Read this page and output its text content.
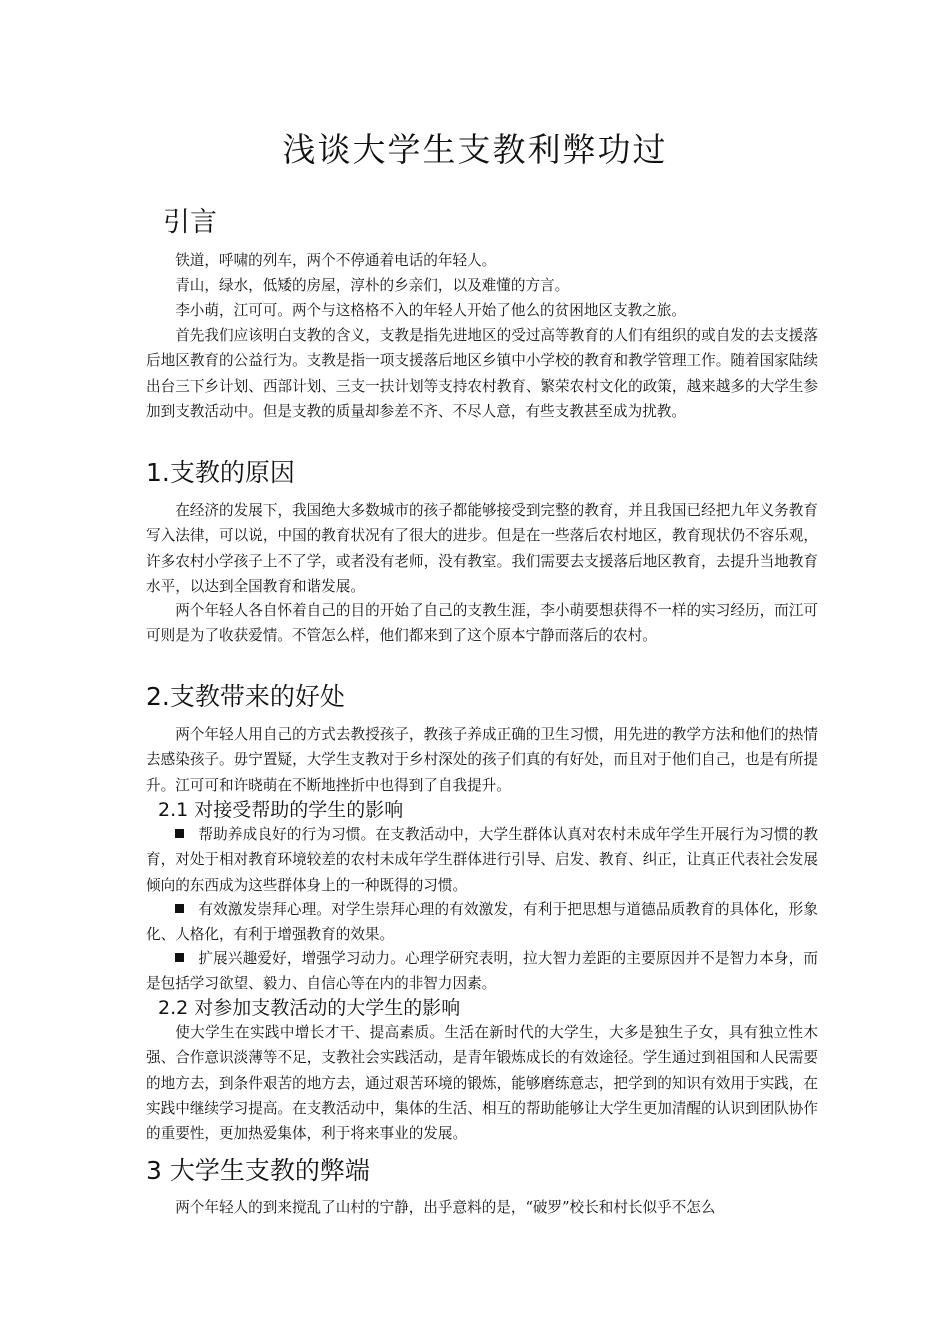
浅谈大学生支教利弊功过
引言

铁道，呼啸的列车，两个不停通着电话的年轻人。

青山，绿水，低矮的房屋，淳朴的乡亲们，以及难懂的方言。

李小萌，江可可。两个与这格格不入的年轻人开始了他么的贫困地区支教之旅。

首先我们应该明白支教的含义，支教是指先进地区的受过高等教育的人们有组织的或自发的去支援落后地区教育的公益行为。支教是指一项支援落后地区乡镇中小学校的教育和教学管理工作。随着国家陆续出台三下乡计划、西部计划、三支一扶计划等支持农村教育、繁荣农村文化的政策，越来越多的大学生参加到支教活动中。但是支教的质量却参差不齐、不尽人意，有些支教甚至成为扰教。

1.支教的原因

在经济的发展下，我国绝大多数城市的孩子都能够接受到完整的教育，并且我国已经把九年义务教育写入法律，可以说，中国的教育状况有了很大的进步。但是在一些落后农村地区，教育现状仍不容乐观，许多农村小学孩子上不了学，或者没有老师，没有教室。我们需要去支援落后地区教育，去提升当地教育水平，以达到全国教育和谐发展。

两个年轻人各自怀着自己的目的开始了自己的支教生涯，李小萌要想获得不一样的实习经历，而江可可则是为了收获爱情。不管怎么样，他们都来到了这个原本宁静而落后的农村。

2.支教带来的好处

两个年轻人用自己的方式去教授孩子，教孩子养成正确的卫生习惯，用先进的教学方法和他们的热情去感染孩子。毋宁置疑，大学生支教对于乡村深处的孩子们真的有好处，而且对于他们自己，也是有所提升。江可可和许晓萌在不断地挫折中也得到了自我提升。

2.1 对接受帮助的学生的影响

帮助养成良好的行为习惯。在支教活动中，大学生群体认真对农村未成年学生开展行为习惯的教育，对处于相对教育环境较差的农村未成年学生群体进行引导、启发、教育、纠正，让真正代表社会发展倾向的东西成为这些群体身上的一种既得的习惯。

有效激发崇拜心理。对学生崇拜心理的有效激发，有利于把思想与道德品质教育的具体化，形象化、人格化，有利于增强教育的效果。

扩展兴趣爱好，增强学习动力。心理学研究表明，拉大智力差距的主要原因并不是智力本身，而是包括学习欲望、毅力、自信心等在内的非智力因素。

2.2 对参加支教活动的大学生的影响

使大学生在实践中增长才干、提高素质。生活在新时代的大学生，大多是独生子女，具有独立性木强、合作意识淡薄等不足，支教社会实践活动，是青年锻炼成长的有效途径。学生通过到祖国和人民需要的地方去，到条件艰苦的地方去，通过艰苦环境的锻炼，能够磨练意志，把学到的知识有效用于实践，在实践中继续学习提高。在支教活动中，集体的生活、相互的帮助能够让大学生更加清醒的认识到团队协作的重要性，更加热爱集体，利于将来事业的发展。

3 大学生支教的弊端

两个年轻人的到来搅乱了山村的宁静，出乎意料的是，“破罗”校长和村长似乎不怎么
